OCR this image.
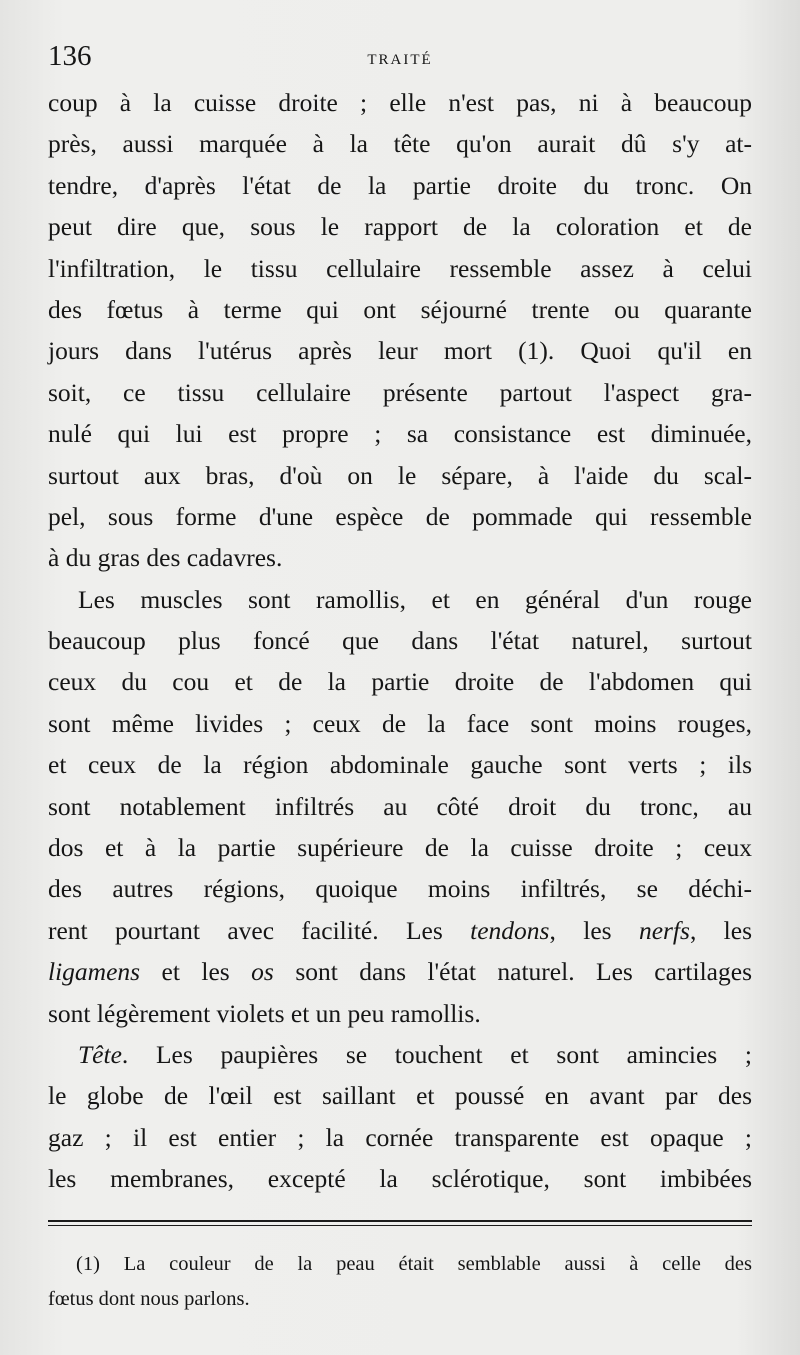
136	TRAITÉ
coup à la cuisse droite ; elle n'est pas, ni à beaucoup
près, aussi marquée à la tête qu'on aurait dû s'y at-
tendre, d'après l'état de la partie droite du tronc. On
peut dire que, sous le rapport de la coloration et de
l'infiltration, le tissu cellulaire ressemble assez à celui
des fœtus à terme qui ont séjourné trente ou quarante
jours dans l'utérus après leur mort (1). Quoi qu'il en
soit, ce tissu cellulaire présente partout l'aspect gra-
nulé qui lui est propre ; sa consistance est diminuée,
surtout aux bras, d'où on le sépare, à l'aide du scal-
pel, sous forme d'une espèce de pommade qui ressemble
à du gras des cadavres.
Les muscles sont ramollis, et en général d'un rouge
beaucoup plus foncé que dans l'état naturel, surtout
ceux du cou et de la partie droite de l'abdomen qui
sont même livides ; ceux de la face sont moins rouges,
et ceux de la région abdominale gauche sont verts ; ils
sont notablement infiltrés au côté droit du tronc, au
dos et à la partie supérieure de la cuisse droite ; ceux
des autres régions, quoique moins infiltrés, se déchi-
rent pourtant avec facilité. Les tendons, les nerfs, les
ligamens et les os sont dans l'état naturel. Les cartilages
sont légèrement violets et un peu ramollis.
Tête. Les paupières se touchent et sont amincies ;
le globe de l'œil est saillant et poussé en avant par des
gaz ; il est entier ; la cornée transparente est opaque ;
les membranes, excepté la sclérotique, sont imbibées
(1) La couleur de la peau était semblable aussi à celle des
fœtus dont nous parlons.
